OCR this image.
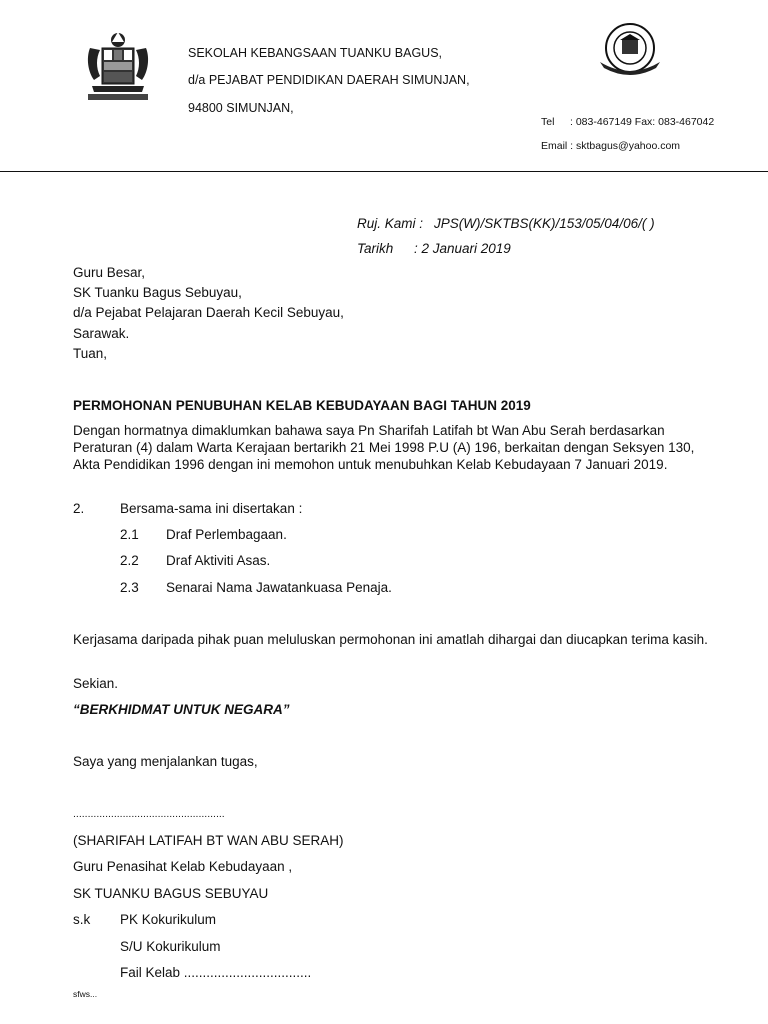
SEKOLAH KEBANGSAAN TUANKU BAGUS,
d/a PEJABAT PENDIDIKAN DAERAH SIMUNJAN,
94800 SIMUNJAN,
Tel : 083-467149 Fax: 083-467042
Email : sktbagus@yahoo.com
Ruj. Kami : JPS(W)/SKTBS(KK)/153/05/04/06/( )
Tarikh : 2 Januari 2019
Guru Besar,
SK Tuanku Bagus Sebuyau,
d/a Pejabat Pelajaran Daerah Kecil Sebuyau,
Sarawak.
Tuan,
PERMOHONAN PENUBUHAN KELAB KEBUDAYAAN BAGI TAHUN 2019
Dengan hormatnya dimaklumkan bahawa saya Pn Sharifah Latifah bt Wan Abu Serah berdasarkan Peraturan (4) dalam Warta Kerajaan bertarikh 21 Mei 1998 P.U (A) 196, berkaitan dengan Seksyen 130, Akta Pendidikan 1996 dengan ini memohon untuk menubuhkan Kelab Kebudayaan 7 Januari 2019.
2.	Bersama-sama ini disertakan :
2.1 Draf Perlembagaan.
2.2 Draf Aktiviti Asas.
2.3 Senarai Nama Jawatankuasa Penaja.
Kerjasama daripada pihak puan meluluskan permohonan ini amatlah dihargai dan diucapkan terima kasih.
Sekian.
“BERKHIDMAT UNTUK NEGARA”
Saya yang menjalankan tugas,
....................................................
(SHARIFAH LATIFAH BT WAN ABU SERAH)
Guru Penasihat Kelab Kebudayaan ,
SK TUANKU BAGUS SEBUYAU
s.k PK Kokurikulum
S/U Kokurikulum
Fail Kelab ..................................
sfws...
